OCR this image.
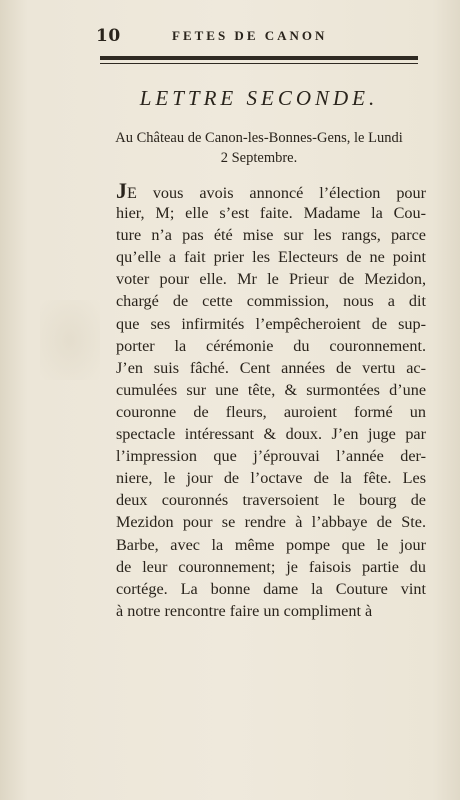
10	FETES DE CANON
LETTRE SECONDE.
Au Château de Canon-les-Bonnes-Gens, le Lundi
2 Septembre.
JE vous avois annoncé l’élection pour
hier, M; elle s’est faite. Madame la Cou-
ture n’a pas été mise sur les rangs, parce
qu’elle a fait prier les Electeurs de ne point
voter pour elle. Mr le Prieur de Mezidon,
chargé de cette commission, nous a dit
que ses infirmités l’empêcheroient de sup-
porter la cérémonie du couronnement.
J’en suis fâché. Cent années de vertu ac-
cumulées sur une tête, & surmontées d’une
couronne de fleurs, auroient formé un
spectacle intéressant & doux. J’en juge par
l’impression que j’éprouvai l’année der-
niere, le jour de l’octave de la fête. Les
deux couronnés traversoient le bourg de
Mezidon pour se rendre à l’abbaye de Ste.
Barbe, avec la même pompe que le jour
de leur couronnement; je faisois partie du
cortége. La bonne dame la Couture vint
à notre rencontre faire un compliment à
